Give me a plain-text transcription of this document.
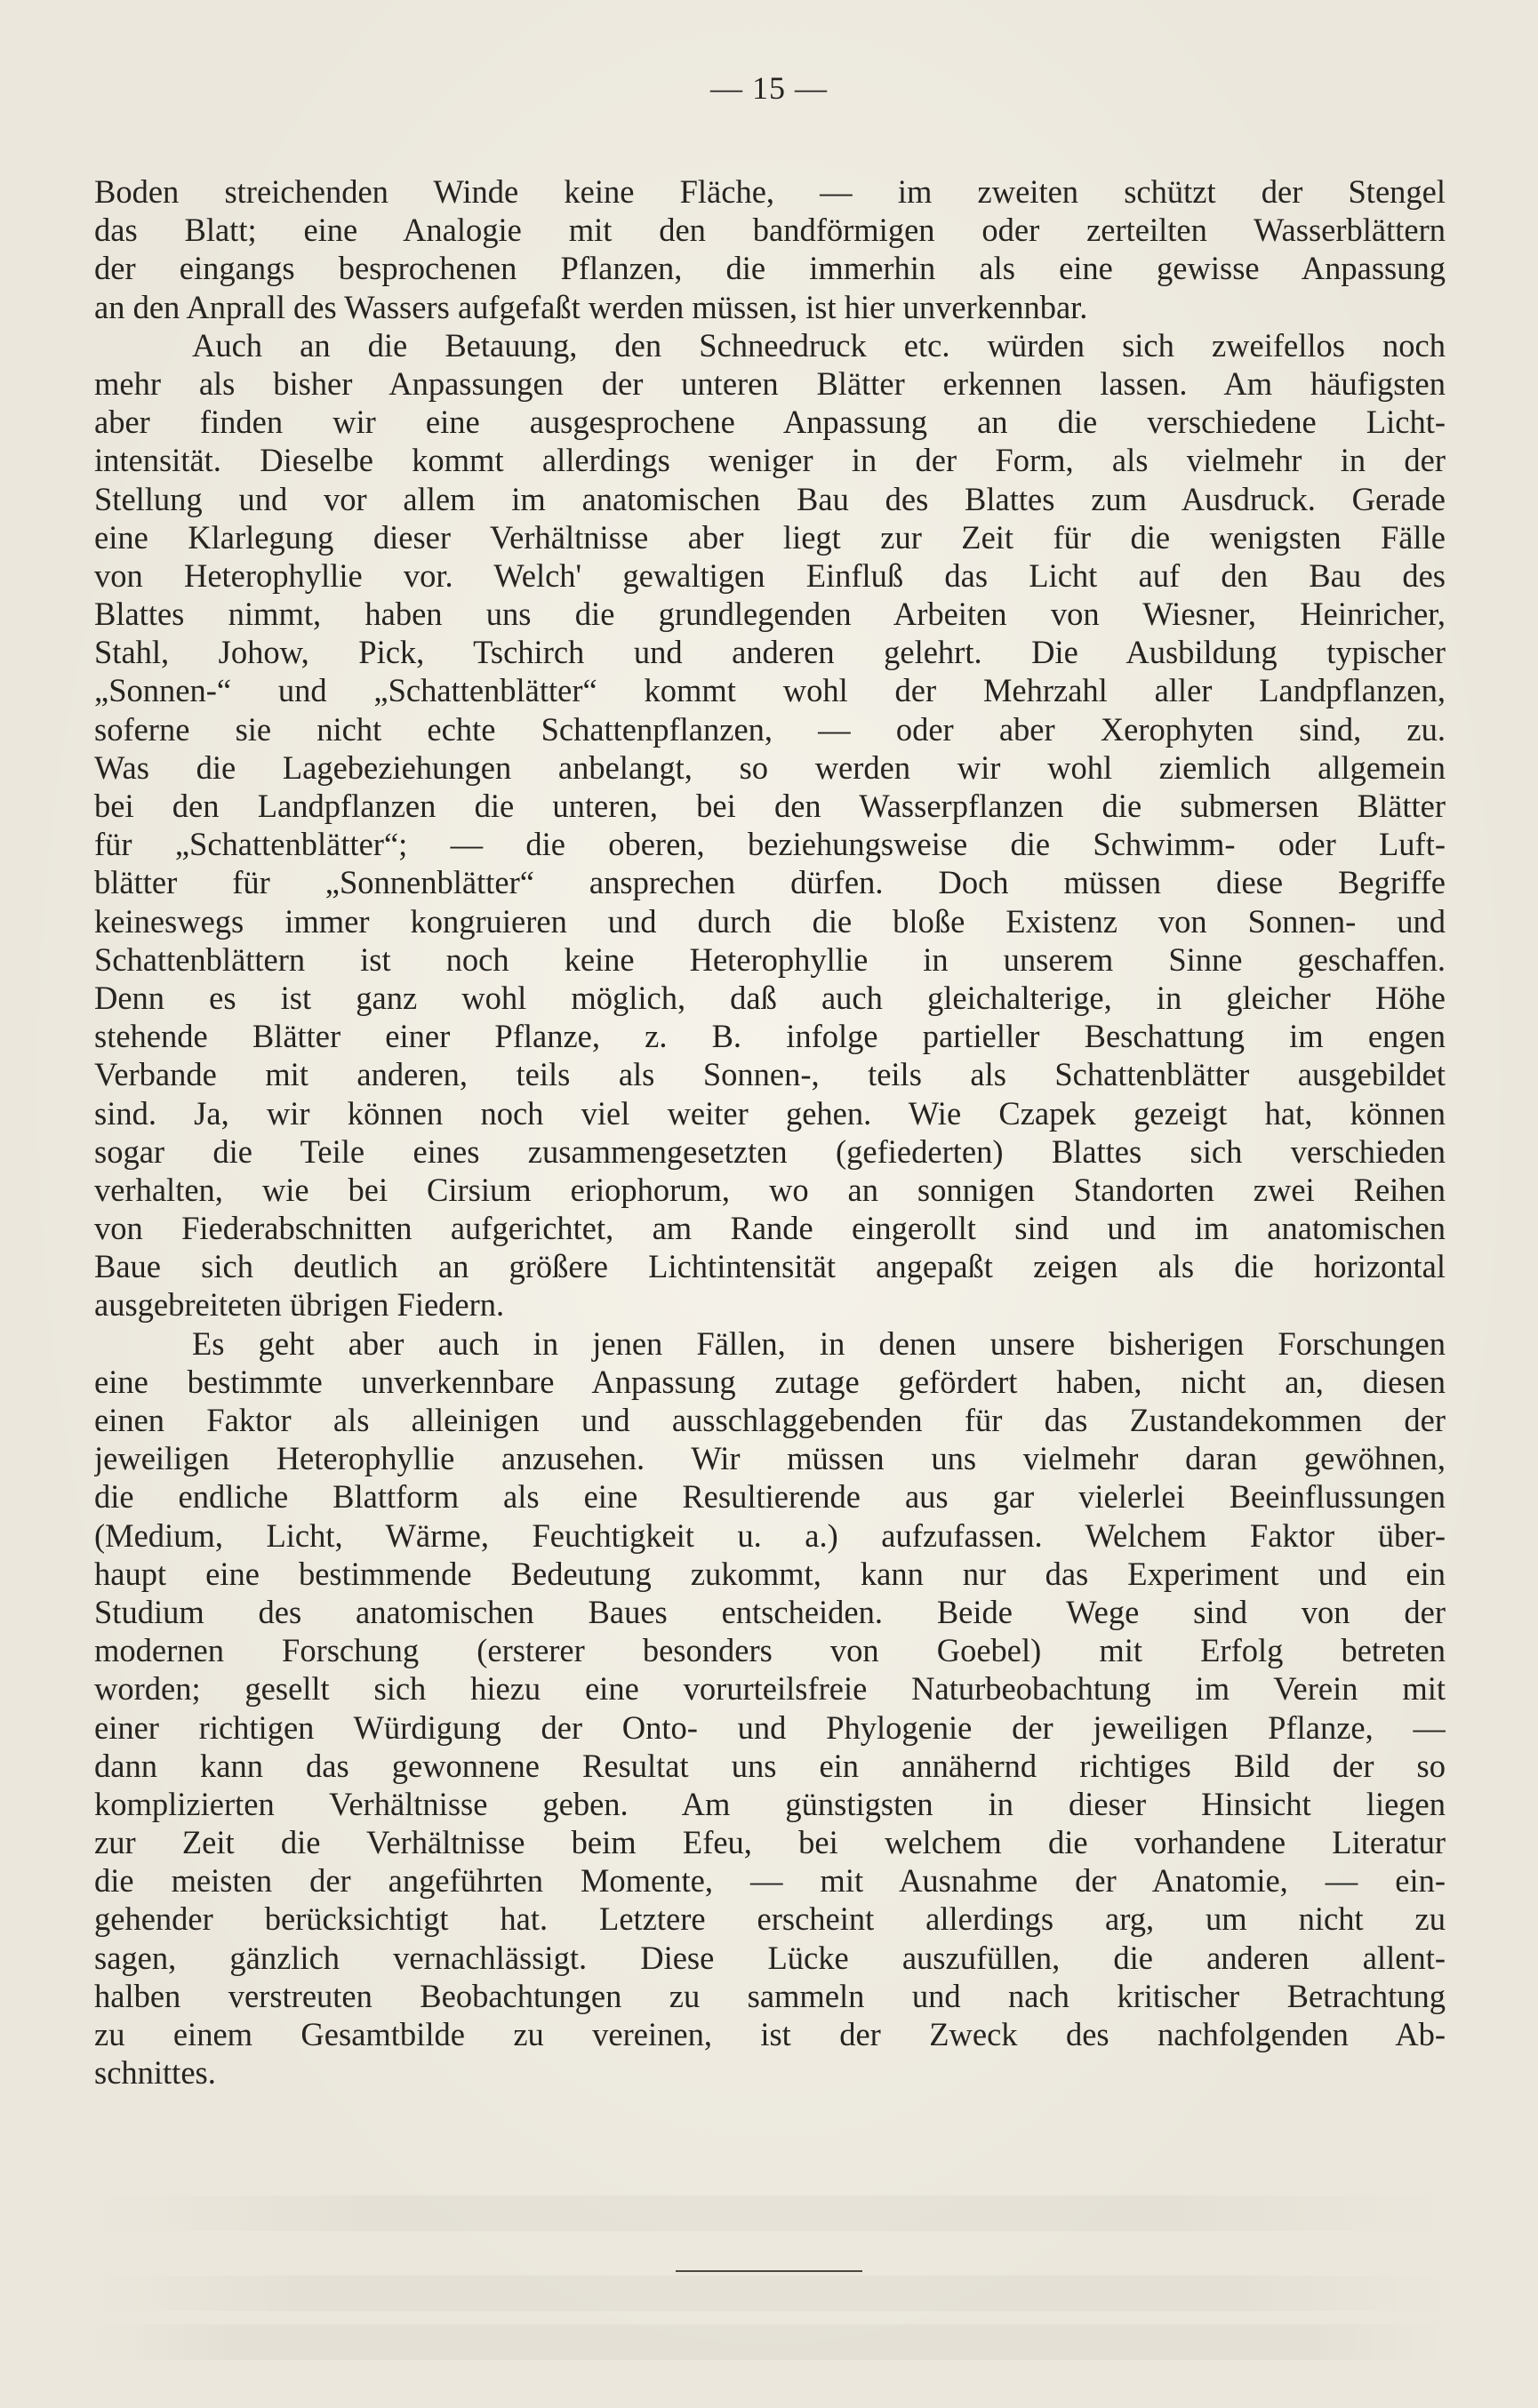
— 15 —
Boden streichenden Winde keine Fläche, — im zweiten schützt der Stengel
das Blatt; eine Analogie mit den bandförmigen oder zerteilten Wasserblättern
der eingangs besprochenen Pflanzen, die immerhin als eine gewisse Anpassung
an den Anprall des Wassers aufgefaßt werden müssen, ist hier unverkennbar.
Auch an die Betauung, den Schneedruck etc. würden sich zweifellos noch
mehr als bisher Anpassungen der unteren Blätter erkennen lassen. Am häufigsten
aber finden wir eine ausgesprochene Anpassung an die verschiedene Licht-
intensität. Dieselbe kommt allerdings weniger in der Form, als vielmehr in der
Stellung und vor allem im anatomischen Bau des Blattes zum Ausdruck. Gerade
eine Klarlegung dieser Verhältnisse aber liegt zur Zeit für die wenigsten Fälle
von Heterophyllie vor. Welch' gewaltigen Einfluß das Licht auf den Bau des
Blattes nimmt, haben uns die grundlegenden Arbeiten von Wiesner, Heinricher,
Stahl, Johow, Pick, Tschirch und anderen gelehrt. Die Ausbildung typischer
„Sonnen-“ und „Schattenblätter“ kommt wohl der Mehrzahl aller Landpflanzen,
soferne sie nicht echte Schattenpflanzen, — oder aber Xerophyten sind, zu.
Was die Lagebeziehungen anbelangt, so werden wir wohl ziemlich allgemein
bei den Landpflanzen die unteren, bei den Wasserpflanzen die submersen Blätter
für „Schattenblätter“; — die oberen, beziehungsweise die Schwimm- oder Luft-
blätter für „Sonnenblätter“ ansprechen dürfen. Doch müssen diese Begriffe
keineswegs immer kongruieren und durch die bloße Existenz von Sonnen- und
Schattenblättern ist noch keine Heterophyllie in unserem Sinne geschaffen.
Denn es ist ganz wohl möglich, daß auch gleichalterige, in gleicher Höhe
stehende Blätter einer Pflanze, z. B. infolge partieller Beschattung im engen
Verbande mit anderen, teils als Sonnen-, teils als Schattenblätter ausgebildet
sind. Ja, wir können noch viel weiter gehen. Wie Czapek gezeigt hat, können
sogar die Teile eines zusammengesetzten (gefiederten) Blattes sich verschieden
verhalten, wie bei Cirsium eriophorum, wo an sonnigen Standorten zwei Reihen
von Fiederabschnitten aufgerichtet, am Rande eingerollt sind und im anatomischen
Baue sich deutlich an größere Lichtintensität angepaßt zeigen als die horizontal
ausgebreiteten übrigen Fiedern.
Es geht aber auch in jenen Fällen, in denen unsere bisherigen Forschungen
eine bestimmte unverkennbare Anpassung zutage gefördert haben, nicht an, diesen
einen Faktor als alleinigen und ausschlaggebenden für das Zustandekommen der
jeweiligen Heterophyllie anzusehen. Wir müssen uns vielmehr daran gewöhnen,
die endliche Blattform als eine Resultierende aus gar vielerlei Beeinflussungen
(Medium, Licht, Wärme, Feuchtigkeit u. a.) aufzufassen. Welchem Faktor über-
haupt eine bestimmende Bedeutung zukommt, kann nur das Experiment und ein
Studium des anatomischen Baues entscheiden. Beide Wege sind von der
modernen Forschung (ersterer besonders von Goebel) mit Erfolg betreten
worden; gesellt sich hiezu eine vorurteilsfreie Naturbeobachtung im Verein mit
einer richtigen Würdigung der Onto- und Phylogenie der jeweiligen Pflanze, —
dann kann das gewonnene Resultat uns ein annähernd richtiges Bild der so
komplizierten Verhältnisse geben. Am günstigsten in dieser Hinsicht liegen
zur Zeit die Verhältnisse beim Efeu, bei welchem die vorhandene Literatur
die meisten der angeführten Momente, — mit Ausnahme der Anatomie, — ein-
gehender berücksichtigt hat. Letztere erscheint allerdings arg, um nicht zu
sagen, gänzlich vernachlässigt. Diese Lücke auszufüllen, die anderen allent-
halben verstreuten Beobachtungen zu sammeln und nach kritischer Betrachtung
zu einem Gesamtbilde zu vereinen, ist der Zweck des nachfolgenden Ab-
schnittes.
